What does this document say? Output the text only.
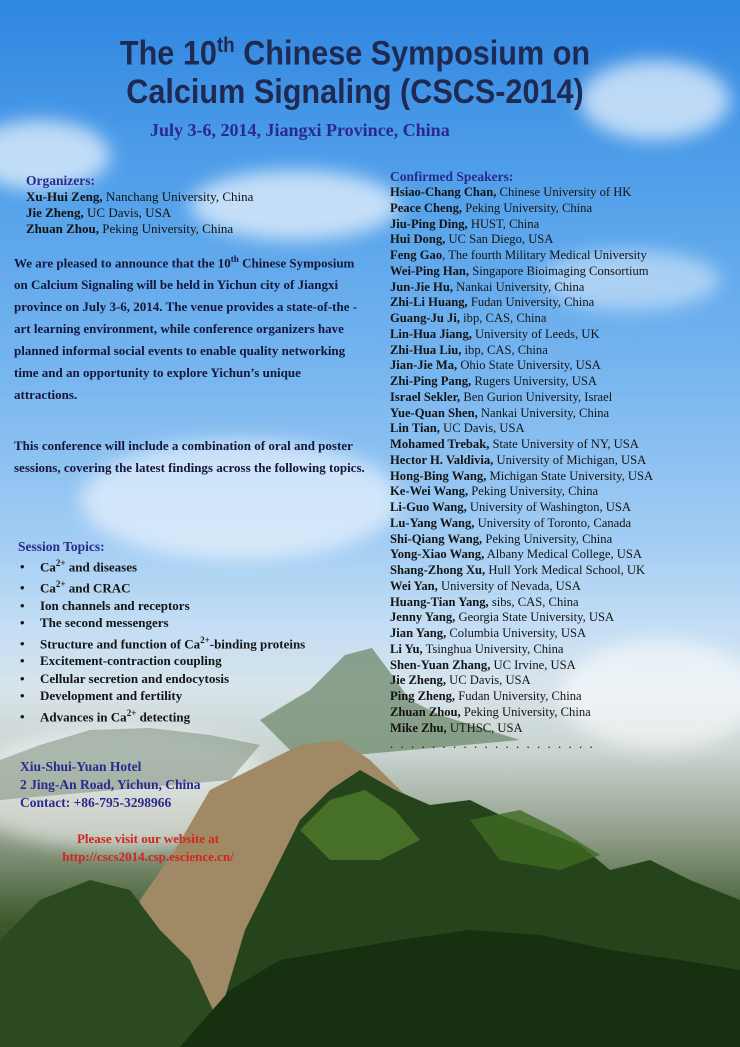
The 10th Chinese Symposium on
Calcium Signaling (CSCS-2014)
July 3-6, 2014, Jiangxi Province, China
Organizers:
Xu-Hui Zeng, Nanchang University, China
Jie Zheng, UC Davis, USA
Zhuan Zhou, Peking University, China
We are pleased to announce that the 10th Chinese Symposium on Calcium Signaling will be held in Yichun city of Jiangxi province on July 3-6, 2014. The venue provides a state-of-the -art learning environment, while conference organizers have planned informal social events to enable quality networking time and an opportunity to explore Yichun’s unique attractions.
This conference will include a combination of oral and poster sessions, covering the latest findings across the following topics.
Session Topics:
• $Ca^{2+}$ and diseases
• $Ca^{2+}$ and CRAC
• Ion channels and receptors
• The second messengers
• Structure and function of $Ca^{2+}$-binding proteins
• Excitement-contraction coupling
• Cellular secretion and endocytosis
• Development and fertility
• Advances in $Ca^{2+}$ detecting
Confirmed Speakers:
Hsiao-Chang Chan, Chinese University of HK
Peace Cheng, Peking University, China
Jiu-Ping Ding, HUST, China
Hui Dong, UC San Diego, USA
Feng Gao, The fourth Military Medical University
Wei-Ping Han, Singapore Bioimaging Consortium
Jun-Jie Hu, Nankai University, China
Zhi-Li Huang, Fudan University, China
Guang-Ju Ji, ibp, CAS, China
Lin-Hua Jiang, University of Leeds, UK
Zhi-Hua Liu, ibp, CAS, China
Jian-Jie Ma, Ohio State University, USA
Zhi-Ping Pang, Rugers University, USA
Israel Sekler, Ben Gurion University, Israel
Yue-Quan Shen, Nankai University, China
Lin Tian, UC Davis, USA
Mohamed Trebak, State University of NY, USA
Hector H. Valdivia, University of Michigan, USA
Hong-Bing Wang, Michigan State University, USA
Ke-Wei Wang, Peking University, China
Li-Guo Wang, University of Washington, USA
Lu-Yang Wang, University of Toronto, Canada
Shi-Qiang Wang, Peking University, China
Yong-Xiao Wang, Albany Medical College, USA
Shang-Zhong Xu, Hull York Medical School, UK
Wei Yan, University of Nevada, USA
Huang-Tian Yang, sibs, CAS, China
Jenny Yang, Georgia State University, USA
Jian Yang, Columbia University, USA
Li Yu, Tsinghua University, China
Shen-Yuan Zhang, UC Irvine, USA
Jie Zheng, UC Davis, USA
Ping Zheng, Fudan University, China
Zhuan Zhou, Peking University, China
Mike Zhu, UTHSC, USA
. . . . . . . . . . . . . . . . . . . .
Xiu-Shui-Yuan Hotel
2 Jing-An Road, Yichun, China
Contact: +86-795-3298966
Please visit our website at
http://cscs2014.csp.escience.cn/
